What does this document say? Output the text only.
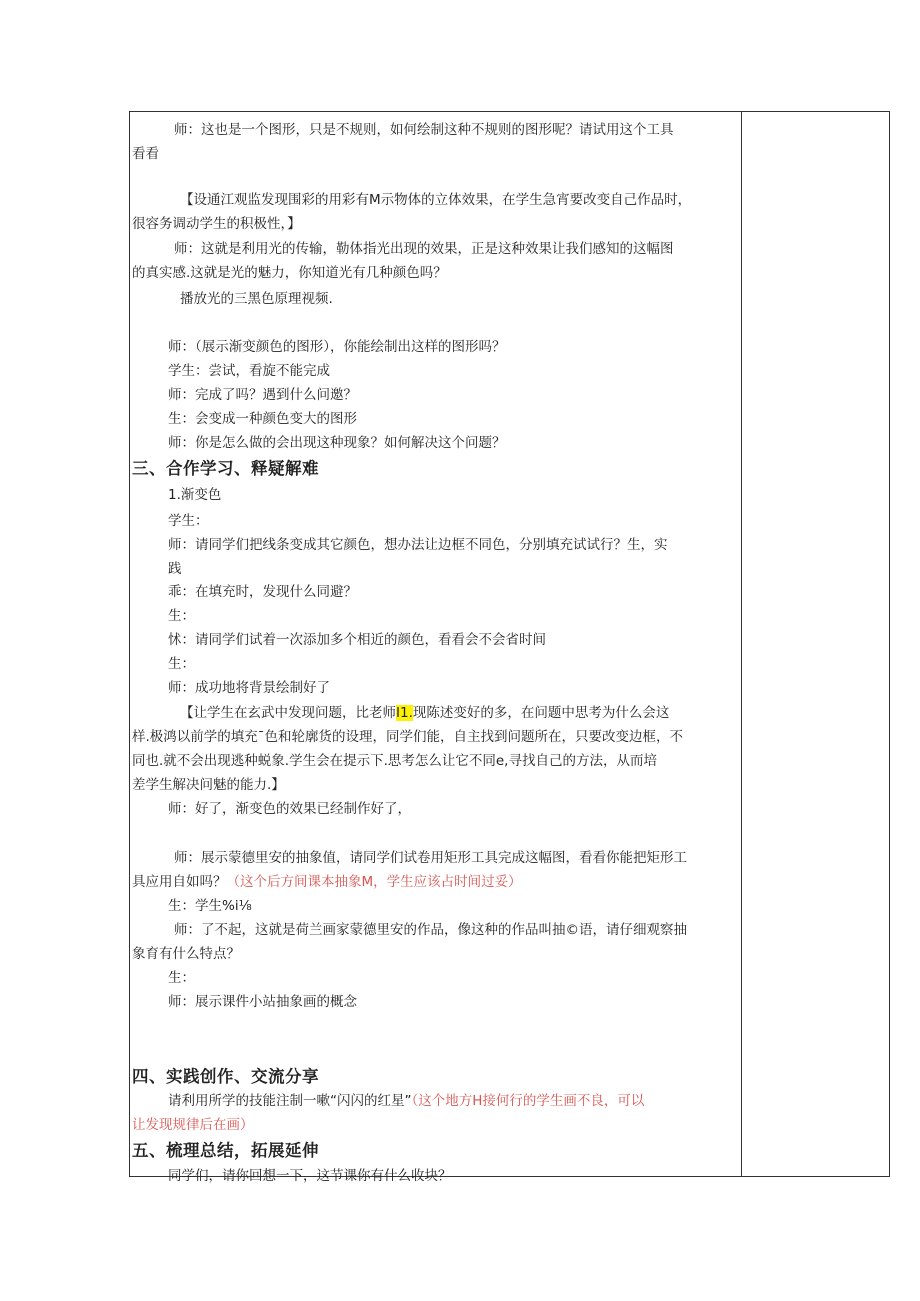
师：这也是一个图形，只是不规则，如何绘制这种不规则的图形呢？请试用这个工具
看看
【设通江观监发现围彩的用彩有M示物体的立体效果，在学生急宵要改变自己作品时，
很容务调动学生的积极性，】
师：这就是利用光的传输，勒体指光出现的效果，正是这种效果让我们感知的这幅图
的真实感.这就是光的魅力，你知道光有几种颜色吗？
播放光的三黑色原理视频.
师：（展示渐变颜色的图形），你能绘制出这样的图形吗？
学生：尝试，看旋不能完成
师：完成了吗？遇到什么问邀？
生：会变成一种颜色变大的图形
师：你是怎么做的会出现这种现象？如何解决这个问题？
三、合作学习、释疑解难
1.渐变色
学生：
师：请同学们把线条变成其它颜色，想办法让边框不同色，分别填充试试行？生，实
践
乖：在填充时，发现什么同避？
生：
怵：请同学们试着一次添加多个相近的颜色，看看会不会省时间
生：
师：成功地将背景绘制好了
【让学生在玄武中发现问题，比老师I1.现陈述变好的多，在问题中思考为什么会这
样.极鸿以前学的填充ˉ色和轮廓货的设理，同学们能，自主找到问题所在，只要改变边框，不
同也.就不会出现逃种蜕象.学生会在提示下.思考怎么让它不同e,寻找自己的方法，从而培
差学生解决问魅的能力.】
师：好了，渐变色的效果已经制作好了，
师：展示蒙德里安的抽象值，请同学们试卷用矩形工具完成这幅图，看看你能把矩形工
具应用自如吗？（这个后方间课本抽象M，学生应该占时间过妥）
生：学生%i⅛
师：了不起，这就是荷兰画家蒙德里安的作品，像这种的作品叫抽©语，请仔细观察抽
象育有什么特点？
生：
师：展示课件小站抽象画的概念
四、实践创作、交流分享
请利用所学的技能注制一嗽“闪闪的红星”（这个地方H接何行的学生画不良，可以
让发现规律后在画）
五、梳理总结，拓展延伸
同学们，请你回想一下，这节课你有什么收块？
